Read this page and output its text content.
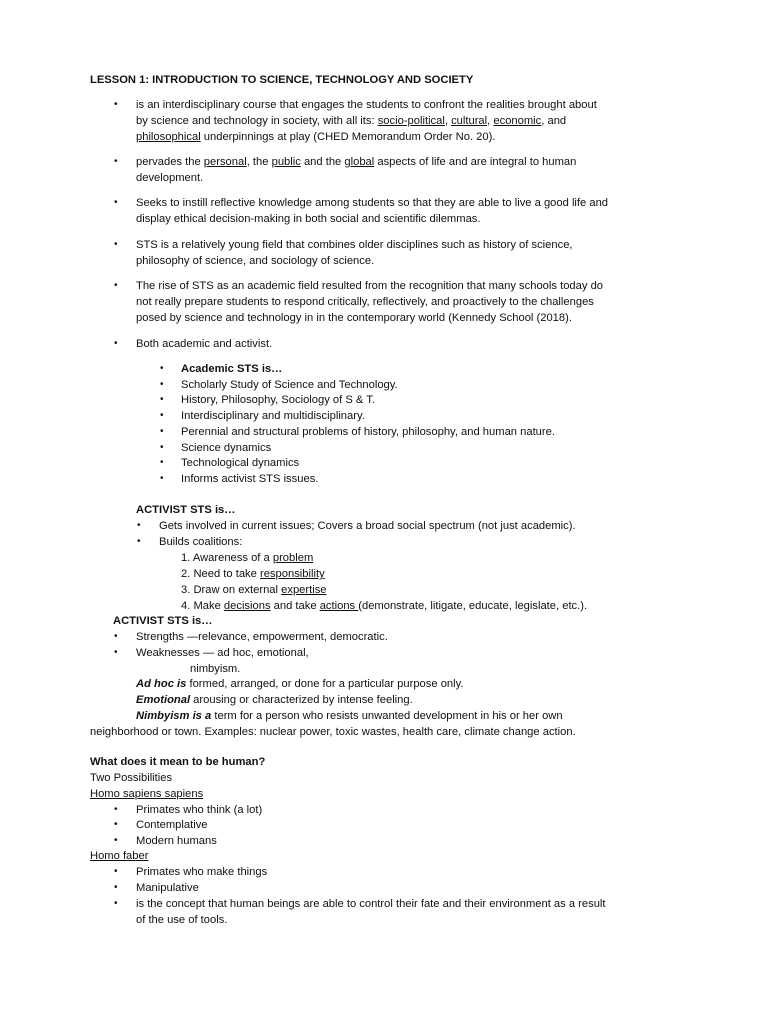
LESSON 1: INTRODUCTION TO SCIENCE, TECHNOLOGY AND SOCIETY
• is an interdisciplinary course that engages the students to confront the realities brought about
by science and technology in society, with all its: socio-political, cultural, economic, and
philosophical underpinnings at play (CHED Memorandum Order No. 20).
• pervades the personal, the public and the global aspects of life and are integral to human
development.
• Seeks to instill reflective knowledge among students so that they are able to live a good life and
display ethical decision-making in both social and scientific dilemmas.
• STS is a relatively young field that combines older disciplines such as history of science,
philosophy of science, and sociology of science.
• The rise of STS as an academic field resulted from the recognition that many schools today do
not really prepare students to respond critically, reflectively, and proactively to the challenges
posed by science and technology in in the contemporary world (Kennedy School (2018).
• Both academic and activist.
• Academic STS is…
• Scholarly Study of Science and Technology.
• History, Philosophy, Sociology of S & T.
• Interdisciplinary and multidisciplinary.
• Perennial and structural problems of history, philosophy, and human nature.
• Science dynamics
• Technological dynamics
• Informs activist STS issues.
ACTIVIST STS is…
• Gets involved in current issues; Covers a broad social spectrum (not just academic).
• Builds coalitions:
1. Awareness of a problem
2. Need to take responsibility
3. Draw on external expertise
4. Make decisions and take actions (demonstrate, litigate, educate, legislate, etc.).
ACTIVIST STS is…
• Strengths —relevance, empowerment, democratic.
• Weaknesses — ad hoc, emotional,
nimbyism.
Ad hoc is formed, arranged, or done for a particular purpose only.
Emotional arousing or characterized by intense feeling.
Nimbyism is a term for a person who resists unwanted development in his or her own
neighborhood or town. Examples: nuclear power, toxic wastes, health care, climate change action.
What does it mean to be human?
Two Possibilities
Homo sapiens sapiens
• Primates who think (a lot)
• Contemplative
• Modern humans
Homo faber
• Primates who make things
• Manipulative
• is the concept that human beings are able to control their fate and their environment as a result
of the use of tools.
